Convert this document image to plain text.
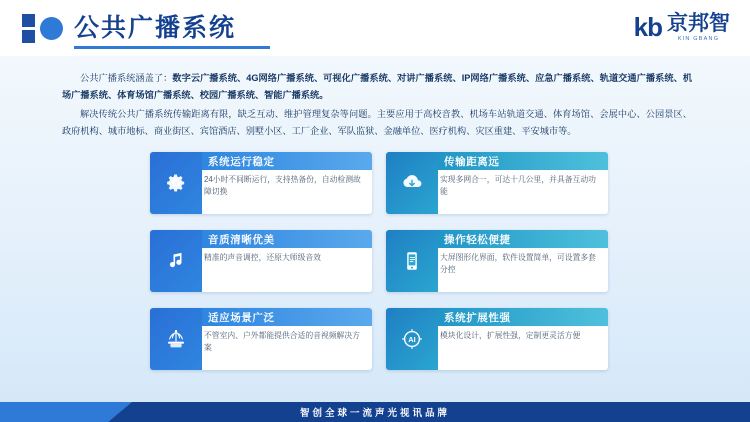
公共广播系统	kb 京邦智
KIN GBANG

公共广播系统涵盖了：数字云广播系统、4G网络广播系统、可视化广播系统、对讲广播系统、IP网络广播系统、应急广播系统、轨道交通广播系统、机场广播系统、体育场馆广播系统、校园广播系统、智能广播系统。

解决传统公共广播系统传输距离有限，缺乏互动、维护管理复杂等问题。主要应用于高校音教、机场车站轨道交通、体育场馆、会展中心、公园景区、政府机构、城市地标、商业街区、宾馆酒店、别墅小区、工厂企业、军队监狱、金融单位、医疗机构、灾区重建、平安城市等。

系统运行稳定
24小时不间断运行，支持热备份，自动检测故障切换
传输距离远
实现多网合一，可达十几公里，并具备互动功能
音质清晰优美
精准的声音调控，还原大师级音效
操作轻松便捷
大屏图形化界面，软件设置简单，可设置多套分控
适应场景广泛
不管室内、户外都能提供合适的音视频解决方案
AI
系统扩展性强
模块化设计，扩展性强，定制更灵活方便
智创全球一流声光视讯品牌
